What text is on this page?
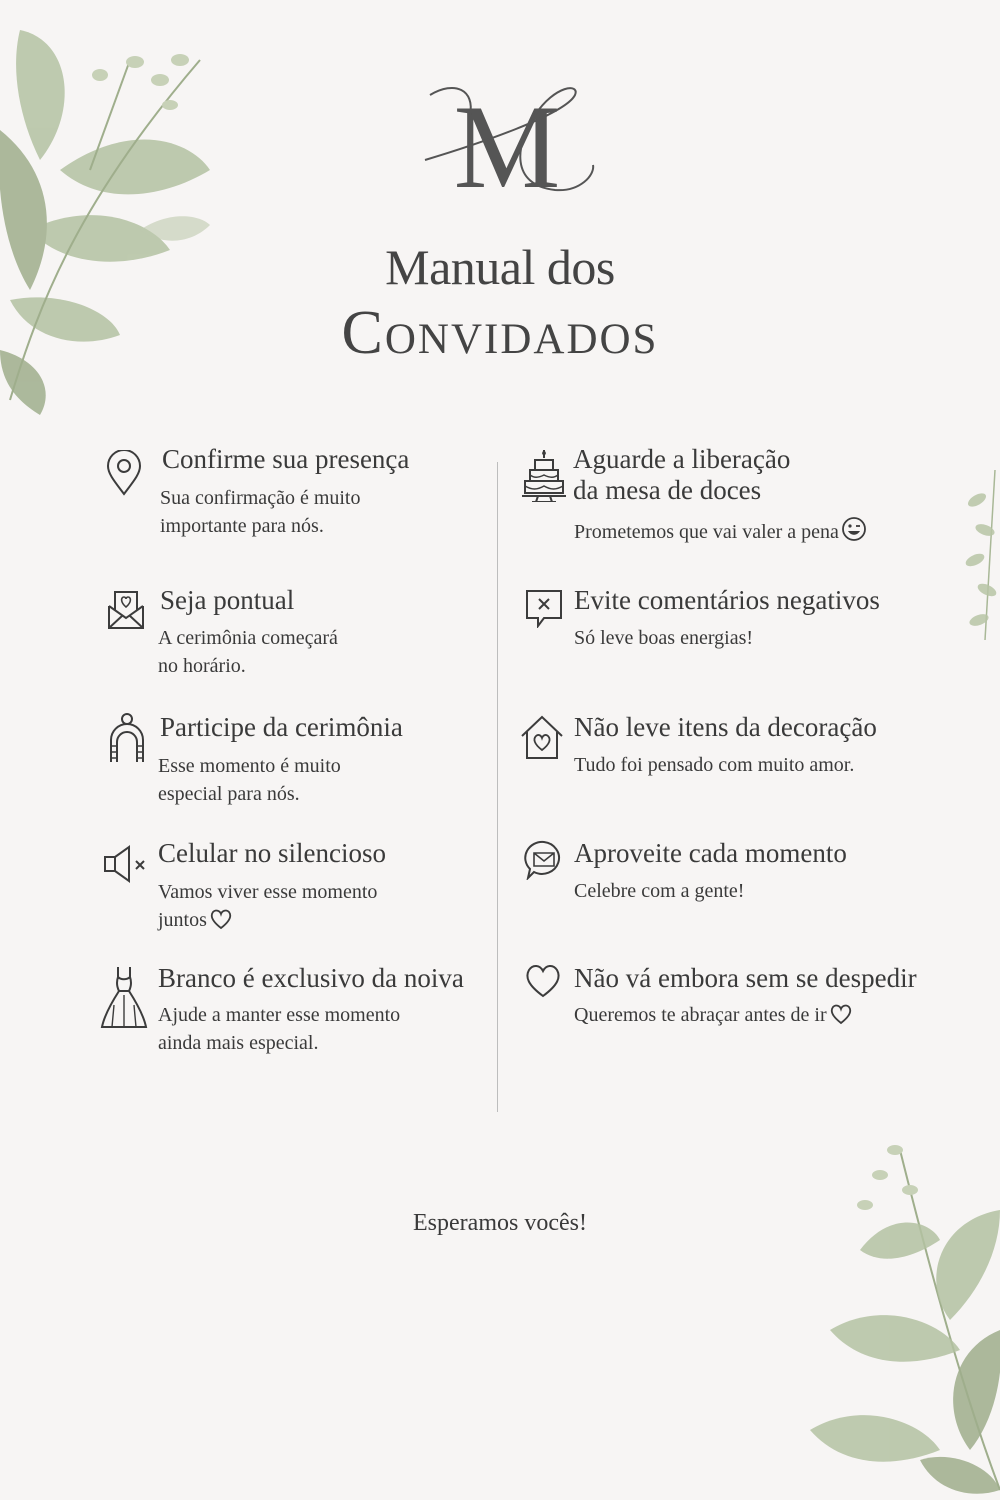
M
Manual dos
Convidados
Confirme sua presença
Sua confirmação é muito
importante para nós.
Seja pontual
A cerimônia começará
no horário.
Participe da cerimônia
Esse momento é muito
especial para nós.
Celular no silencioso
Vamos viver esse momento
juntos
Branco é exclusivo da noiva
Ajude a manter esse momento
ainda mais especial.
Aguarde a liberação
da mesa de doces
Prometemos que vai valer a pena
Evite comentários negativos
Só leve boas energias!
Não leve itens da decoração
Tudo foi pensado com muito amor.
Aproveite cada momento
Celebre com a gente!
Não vá embora sem se despedir
Queremos te abraçar antes de ir
Esperamos vocês!
